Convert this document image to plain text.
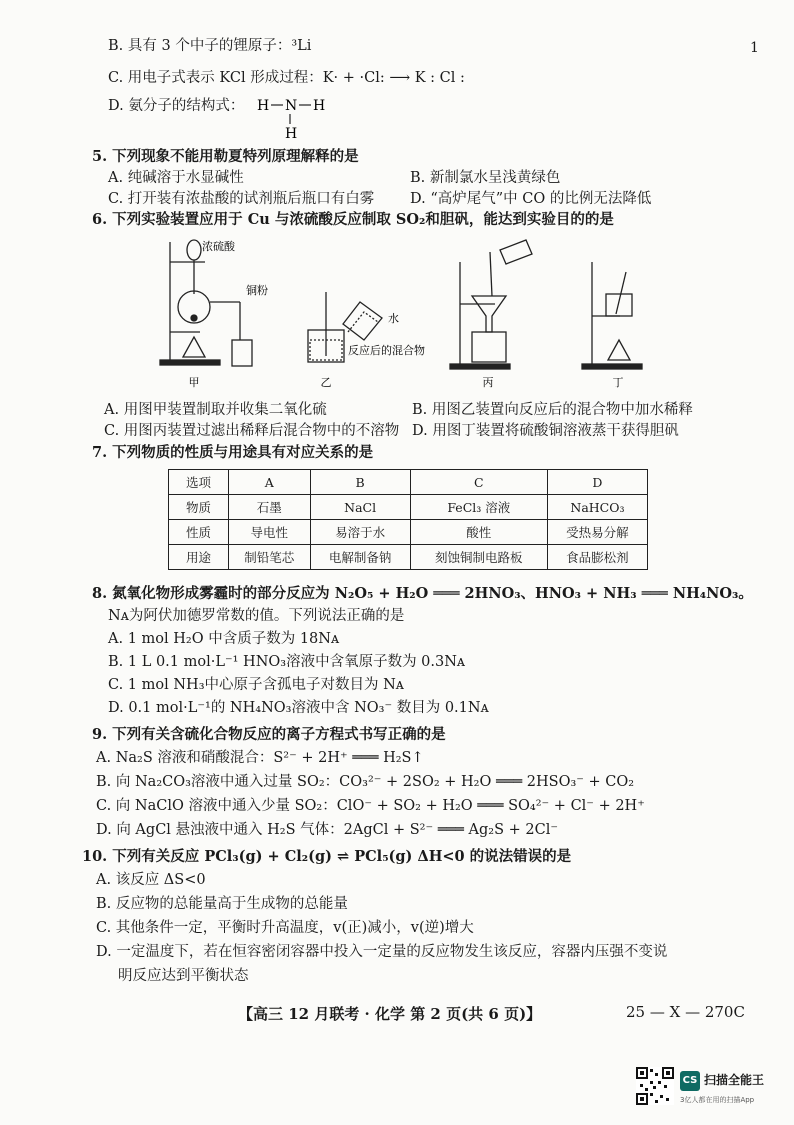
1
B. 具有 3 个中子的锂原子：³Li
C. 用电子式表示 KCl 形成过程：K· + ·Cl: ⟶ K : Cl :
D. 氨分子的结构式： H N H
H
5. 下列现象不能用勒夏特列原理解释的是
A. 纯碱溶于水显碱性	B. 新制氯水呈浅黄绿色
C. 打开装有浓盐酸的试剂瓶后瓶口有白雾 D. “高炉尾气”中 CO 的比例无法降低
6. 下列实验装置应用于 Cu 与浓硫酸反应制取 SO₂和胆矾，能达到实验目的的是
浓硫酸
铜粉
水
反应后的混合物
甲	乙	丙	丁
A. 用图甲装置制取并收集二氧化硫	B. 用图乙装置向反应后的混合物中加水稀释
C. 用图丙装置过滤出稀释后混合物中的不溶物 D. 用图丁装置将硫酸铜溶液蒸干获得胆矾
7. 下列物质的性质与用途具有对应关系的是
选项	A	B	C	D
物质	石墨	NaCl	FeCl₃ 溶液	NaHCO₃
性质	导电性	易溶于水	酸性	受热易分解
用途	制铅笔芯	电解制备钠	刻蚀铜制电路板	食品膨松剂
8. 氮氧化物形成雾霾时的部分反应为 N₂O₅ + H₂O ═══ 2HNO₃、HNO₃ + NH₃ ═══ NH₄NO₃。
Nᴀ为阿伏加德罗常数的值。下列说法正确的是
A. 1 mol H₂O 中含质子数为 18Nᴀ
B. 1 L 0.1 mol·L⁻¹ HNO₃溶液中含氧原子数为 0.3Nᴀ
C. 1 mol NH₃中心原子含孤电子对数目为 Nᴀ
D. 0.1 mol·L⁻¹的 NH₄NO₃溶液中含 NO₃⁻ 数目为 0.1Nᴀ
9. 下列有关含硫化合物反应的离子方程式书写正确的是
A. Na₂S 溶液和硝酸混合：S²⁻ + 2H⁺ ═══ H₂S↑
B. 向 Na₂CO₃溶液中通入过量 SO₂：CO₃²⁻ + 2SO₂ + H₂O ═══ 2HSO₃⁻ + CO₂
C. 向 NaClO 溶液中通入少量 SO₂：ClO⁻ + SO₂ + H₂O ═══ SO₄²⁻ + Cl⁻ + 2H⁺
D. 向 AgCl 悬浊液中通入 H₂S 气体：2AgCl + S²⁻ ═══ Ag₂S + 2Cl⁻
10. 下列有关反应 PCl₃(g) + Cl₂(g) ⇌ PCl₅(g) ΔH<0 的说法错误的是
A. 该反应 ΔS<0
B. 反应物的总能量高于生成物的总能量
C. 其他条件一定，平衡时升高温度，v(正)减小，v(逆)增大
D. 一定温度下，若在恒容密闭容器中投入一定量的反应物发生该反应，容器内压强不变说
明反应达到平衡状态
【高三 12 月联考 · 化学 第 2 页(共 6 页)】	25 — X — 270C
CS 扫描全能王
3亿人都在用的扫描App
